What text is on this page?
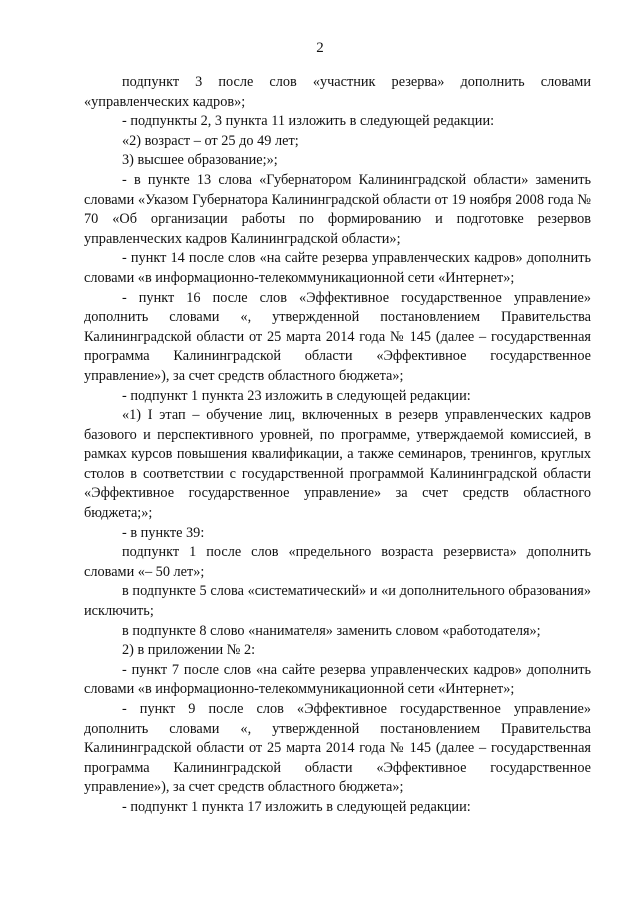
2

подпункт 3 после слов «участник резерва» дополнить словами «управленческих кадров»;

- подпункты 2, 3 пункта 11 изложить в следующей редакции:

«2) возраст – от 25 до 49 лет;

3) высшее образование;»;

- в пункте 13 слова «Губернатором Калининградской области» заменить словами «Указом Губернатора Калининградской области от 19 ноября 2008 года № 70 «Об организации работы по формированию и подготовке резервов управленческих кадров Калининградской области»;

- пункт 14 после слов «на сайте резерва управленческих кадров» дополнить словами «в информационно-телекоммуникационной сети «Интернет»;

- пункт 16 после слов «Эффективное государственное управление» дополнить словами «, утвержденной постановлением Правительства Калининградской области от 25 марта 2014 года № 145 (далее – государственная программа Калининградской области «Эффективное государственное управление»), за счет средств областного бюджета»;

- подпункт 1 пункта 23 изложить в следующей редакции:

«1) I этап – обучение лиц, включенных в резерв управленческих кадров базового и перспективного уровней, по программе, утверждаемой комиссией, в рамках курсов повышения квалификации, а также семинаров, тренингов, круглых столов в соответствии с государственной программой Калининградской области «Эффективное государственное управление» за счет средств областного бюджета;»;

- в пункте 39:

подпункт 1 после слов «предельного возраста резервиста» дополнить словами «– 50 лет»;

в подпункте 5 слова «систематический» и «и дополнительного образования» исключить;

в подпункте 8 слово «нанимателя» заменить словом «работодателя»;

2) в приложении № 2:

- пункт 7 после слов «на сайте резерва управленческих кадров» дополнить словами «в информационно-телекоммуникационной сети «Интернет»;

- пункт 9 после слов «Эффективное государственное управление» дополнить словами «, утвержденной постановлением Правительства Калининградской области от 25 марта 2014 года № 145 (далее – государственная программа Калининградской области «Эффективное государственное управление»), за счет средств областного бюджета»;

- подпункт 1 пункта 17 изложить в следующей редакции:
